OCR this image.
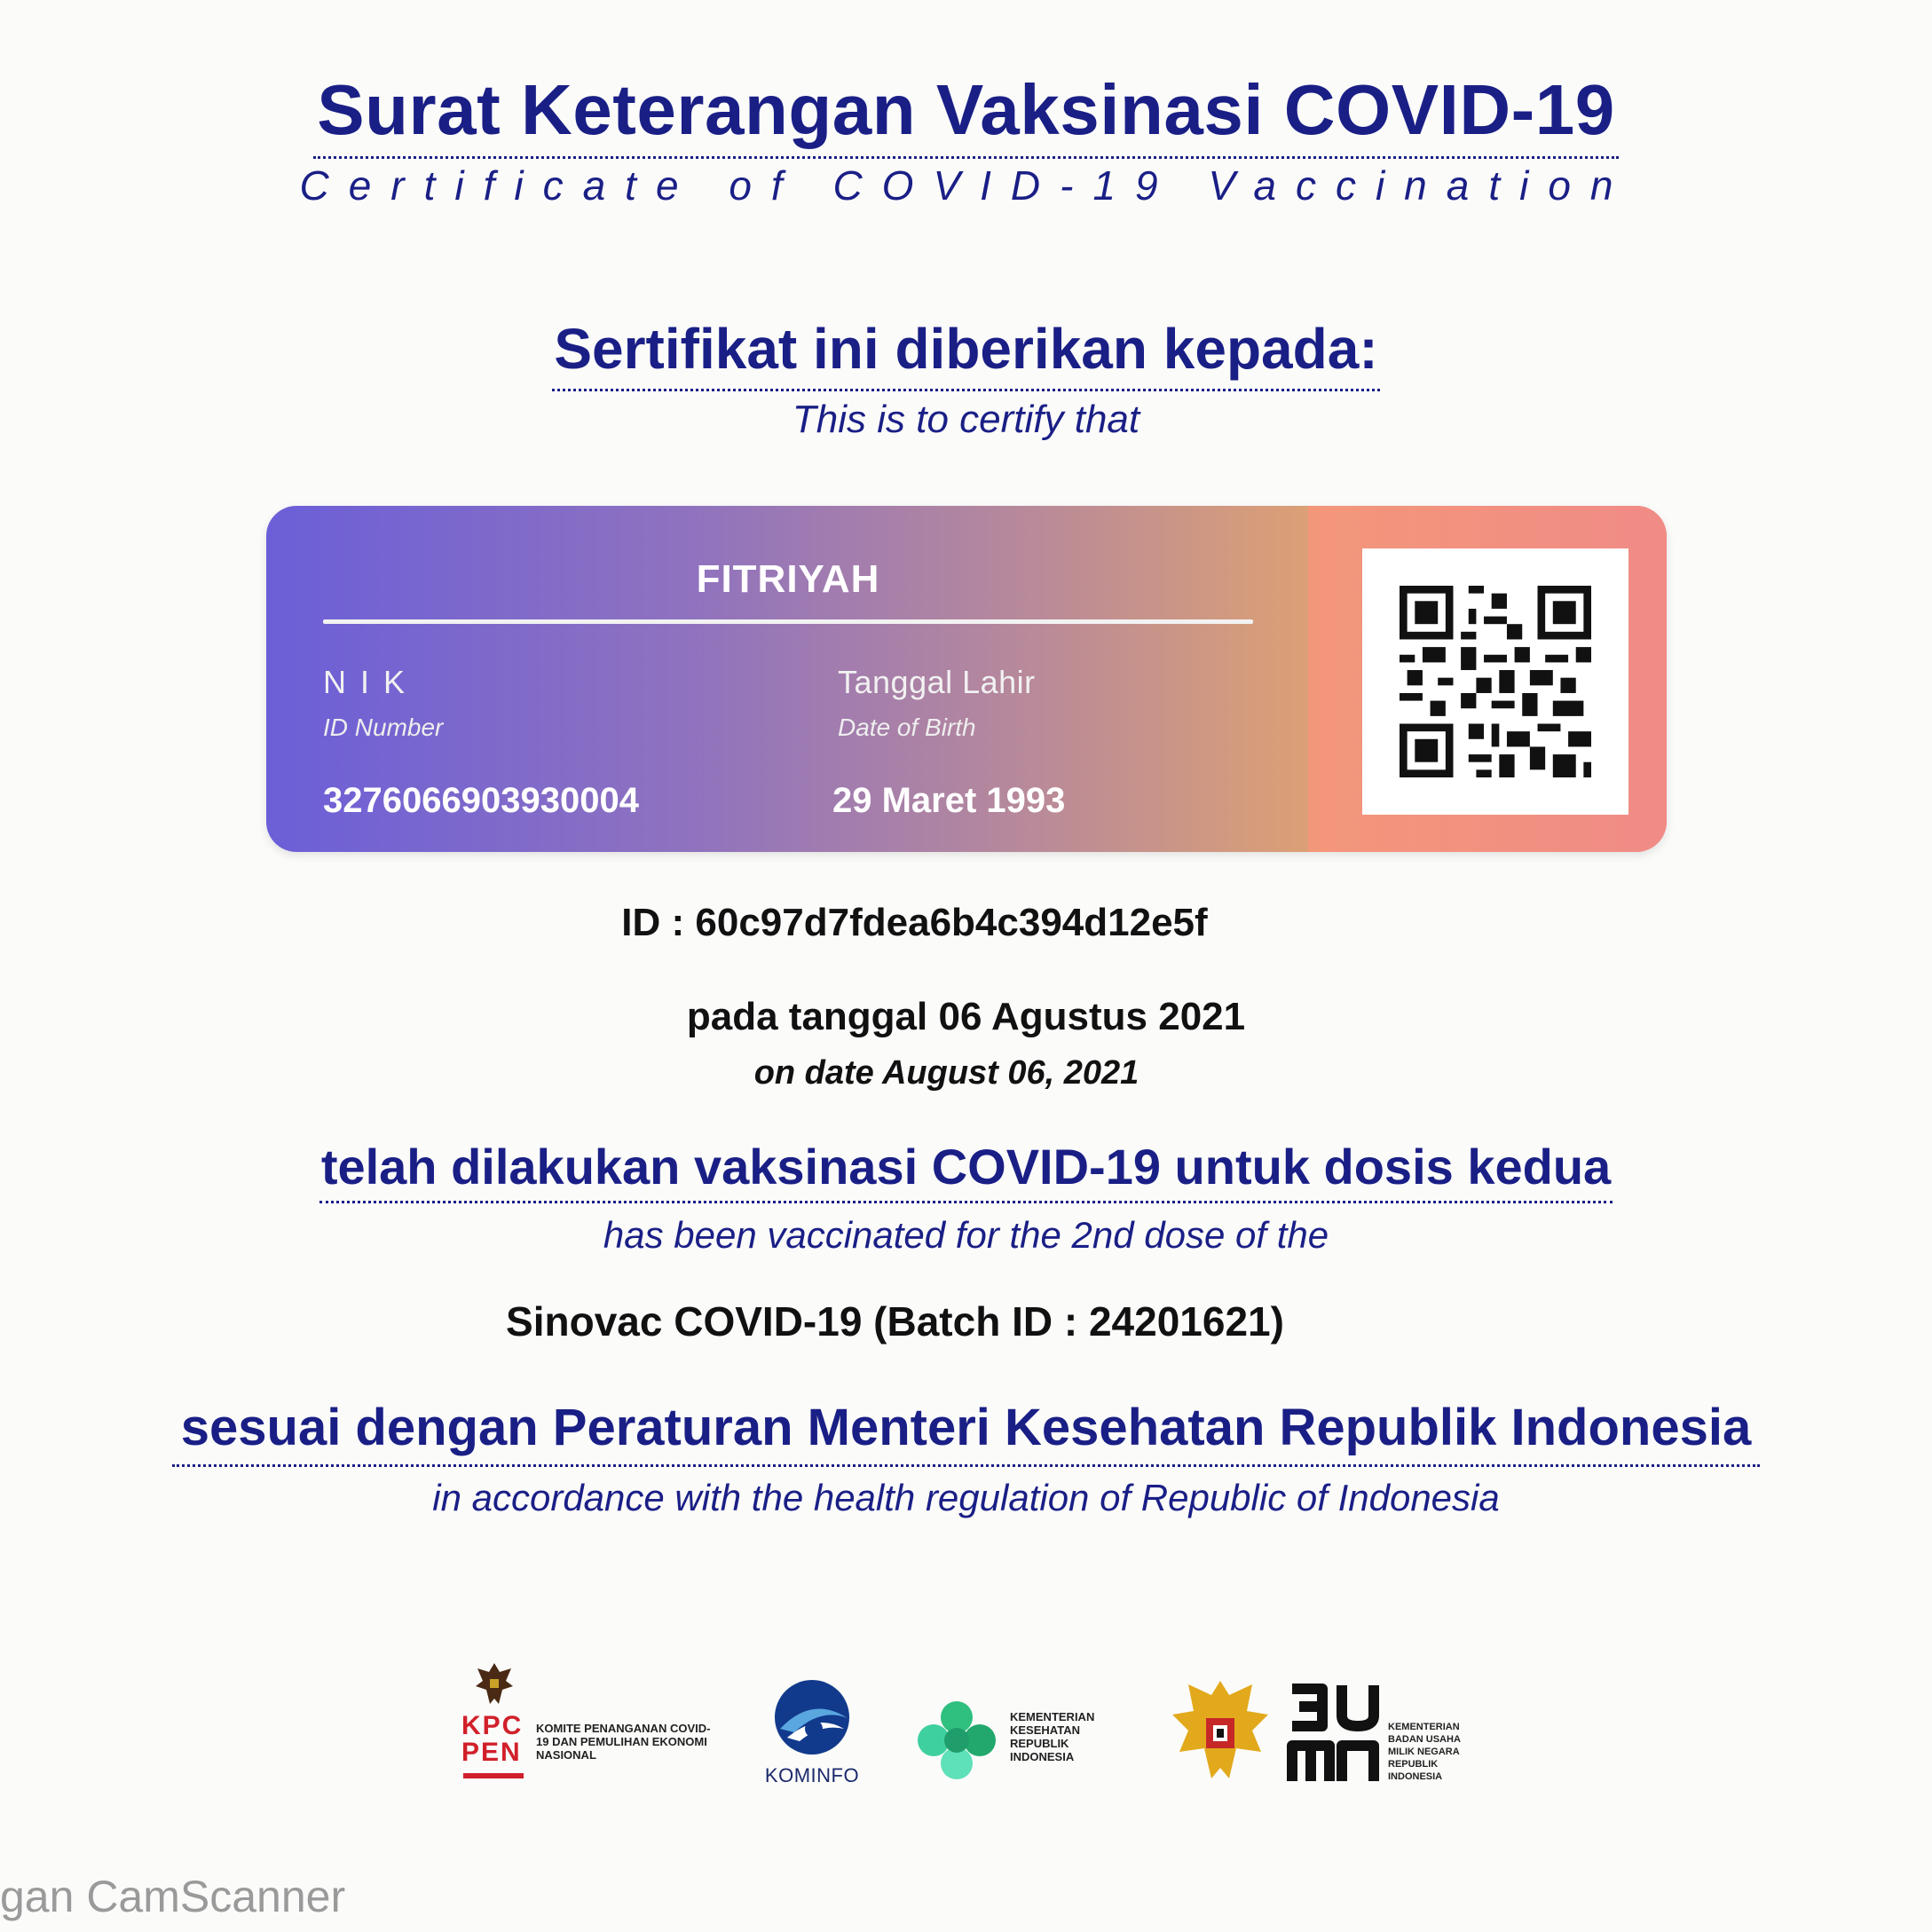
Surat Keterangan Vaksinasi COVID-19
Certificate of COVID-19 Vaccination
Sertifikat ini diberikan kepada:
This is to certify that
FITRIYAH
N I K
ID Number
3276066903930004
Tanggal Lahir
Date of Birth
29 Maret 1993
ID : 60c97d7fdea6b4c394d12e5f
pada tanggal 06 Agustus 2021
on date August 06, 2021
telah dilakukan vaksinasi COVID-19 untuk dosis kedua
has been vaccinated for the 2nd dose of the
Sinovac COVID-19 (Batch ID : 24201621)
sesuai dengan Peraturan Menteri Kesehatan Republik Indonesia
in accordance with the health regulation of Republic of Indonesia
KPC PEN
KOMITE PENANGANAN COVID-19 DAN PEMULIHAN EKONOMI NASIONAL
KOMINFO
KEMENTERIAN KESEHATAN REPUBLIK INDONESIA
KEMENTERIAN BADAN USAHA MILIK NEGARA REPUBLIK INDONESIA
gan CamScanner
